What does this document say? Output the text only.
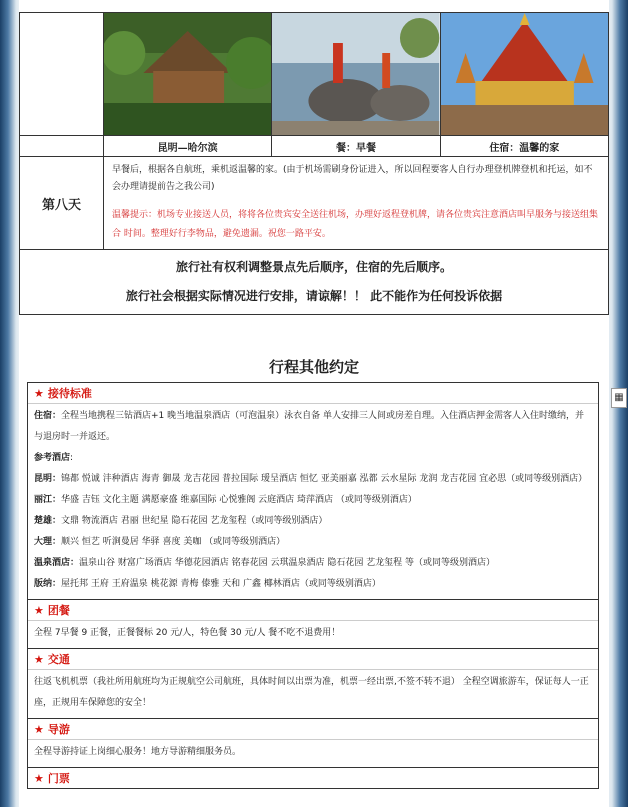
昆明—哈尔滨	餐：早餐	住宿：温馨的家
第八天
早餐后，根据各自航班，乘机返温馨的家。(由于机场需刷身份证进入，所以回程要客人自行办理登机牌登机和托运，如不会办理请提前告之我公司)
温馨提示：机场专业接送人员，将将各位贵宾安全送往机场，办理好返程登机牌，请各位贵宾注意酒店叫早服务与接送组集合 时间。整理好行李物品，避免遗漏。祝您一路平安。
旅行社有权利调整景点先后顺序，住宿的先后顺序。
旅行社会根据实际情况进行安排，请谅解！！ 此不能作为任何投诉依据
行程其他约定
★ 接待标准
住宿：全程当地携程三钻酒店+1 晚当地温泉酒店（可泡温泉）泳衣自备 单人安排三人间或房差自理。入住酒店押金需客人入住时缴纳，并与退房时一并返还。
参考酒店:
昆明：锦都 悦诚 沣种酒店 海青 御晟 龙吉花园 普拉国际 瑷呈酒店 恒忆 亚美丽嘉 泓都 云水星际 龙润 龙吉花园 宜必思（或同等级别酒店）
丽江：华盛 吉钰 文化主题 满愿豪盛 维嘉国际 心悦雅阁 云庭酒店 琦萍酒店 （或同等级别酒店）
楚雄：文鼎 物流酒店 君丽 世纪星 隐石花园 艺龙玺程（或同等级别酒店）
大理：顺兴 恒艺 听涧曼居 华驿 喜度 美咖 （或同等级别酒店）
温泉酒店：温泉山谷 财富广场酒店 华德花园酒店 铭春花园 云琪温泉酒店 隐石花园 艺龙玺程 等（或同等级别酒店）
版纳：屋托邦 王府 王府温泉 桃花源 青梅 傣雅 天和 广鑫 椰林酒店（或同等级别酒店）
★ 团餐
全程 7早餐 9 正餐，正餐餐标 20 元/人，特色餐 30 元/人 餐不吃不退费用！
★ 交通
往返飞机机票（我社所用航班均为正规航空公司航班，具体时间以出票为准，机票一经出票,不签不转不退） 全程空调旅游车，保证每人一正座，正规用车保障您的安全！
★ 导游
全程导游持证上岗细心服务！地方导游精细服务员。
★ 门票
▦
